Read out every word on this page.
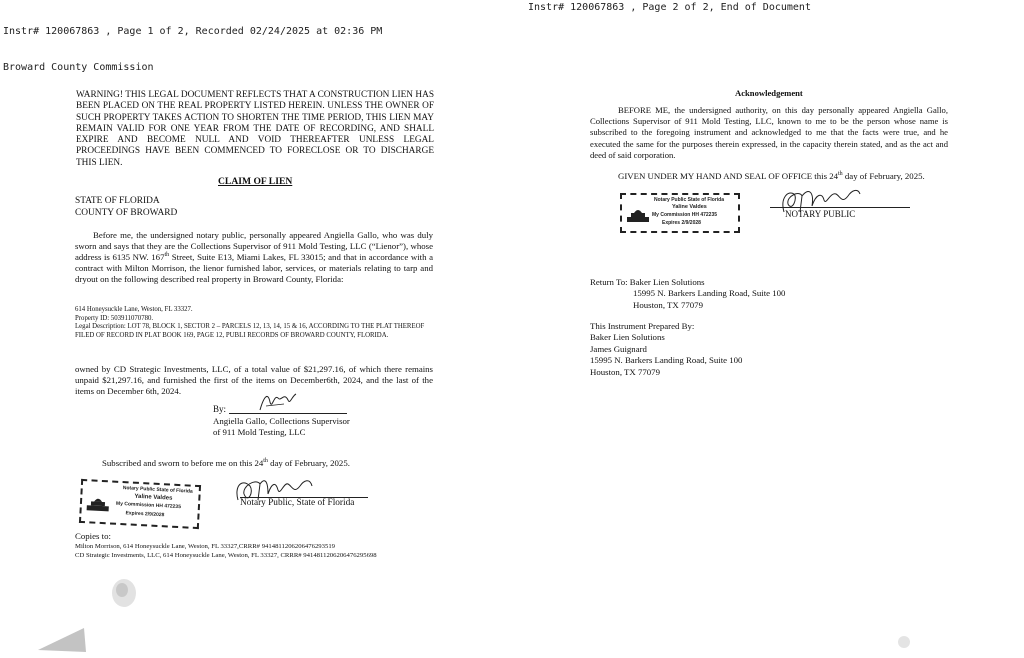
Instr# 120067863 , Page 1 of 2, Recorded 02/24/2025 at 02:36 PM

Broward County Commission

Instr# 120067863 , Page 2 of 2, End of Document
WARNING! THIS LEGAL DOCUMENT REFLECTS THAT A CONSTRUCTION LIEN HAS BEEN PLACED ON THE REAL PROPERTY LISTED HEREIN. UNLESS THE OWNER OF SUCH PROPERTY TAKES ACTION TO SHORTEN THE TIME PERIOD, THIS LIEN MAY REMAIN VALID FOR ONE YEAR FROM THE DATE OF RECORDING, AND SHALL EXPIRE AND BECOME NULL AND VOID THEREAFTER UNLESS LEGAL PROCEEDINGS HAVE BEEN COMMENCED TO FORECLOSE OR TO DISCHARGE THIS LIEN.
CLAIM OF LIEN
STATE OF FLORIDA
COUNTY OF BROWARD
Before me, the undersigned notary public, personally appeared Angiella Gallo, who was duly sworn and says that they are the Collections Supervisor of 911 Mold Testing, LLC (“Lienor”), whose address is 6135 NW. 167th Street, Suite E13, Miami Lakes, FL 33015; and that in accordance with a contract with Milton Morrison, the lienor furnished labor, services, or materials relating to tarp and dryout on the following described real property in Broward County, Florida:
614 Honeysuckle Lane, Weston, FL 33327.
Property ID: 503911070780.
Legal Description: LOT 78, BLOCK 1, SECTOR 2 – PARCELS 12, 13, 14, 15 & 16, ACCORDING TO THE PLAT THEREOF FILED OF RECORD IN PLAT BOOK 169, PAGE 12, PUBLI RECORDS OF BROWARD COUNTY, FLORIDA.
owned by CD Strategic Investments, LLC, of a total value of $21,297.16, of which there remains unpaid $21,297.16, and furnished the first of the items on December6th, 2024, and the last of the items on December 6th, 2024.
By:
Angiella Gallo, Collections Supervisor
of 911 Mold Testing, LLC
Subscribed and sworn to before me on this 24th day of February, 2025.
Notary Public State of Florida
Yaline Valdes
My Commission HH 472235
Expires 2/9/2028
Notary Public, State of Florida
Copies to:
Milton Morrison, 614 Honeysuckle Lane, Weston, FL 33327,CRRR# 9414811206206476293519
CD Strategic Investments, LLC, 614 Honeysuckle Lane, Weston, FL 33327, CRRR# 9414811206206476295698
Acknowledgement
BEFORE ME, the undersigned authority, on this day personally appeared Angiella Gallo, Collections Supervisor of 911 Mold Testing, LLC, known to me to be the person whose name is subscribed to the foregoing instrument and acknowledged to me that the facts were true, and he executed the same for the purposes therein expressed, in the capacity therein stated, and as the act and deed of said corporation.
GIVEN UNDER MY HAND AND SEAL OF OFFICE this 24th day of February, 2025.
Notary Public State of Florida
Yaline Valdes
My Commission HH 472235
Expires 2/9/2028
NOTARY PUBLIC
Return To: Baker Lien Solutions
15995 N. Barkers Landing Road, Suite 100
Houston, TX 77079
This Instrument Prepared By:
Baker Lien Solutions
James Guignard
15995 N. Barkers Landing Road, Suite 100
Houston, TX 77079
